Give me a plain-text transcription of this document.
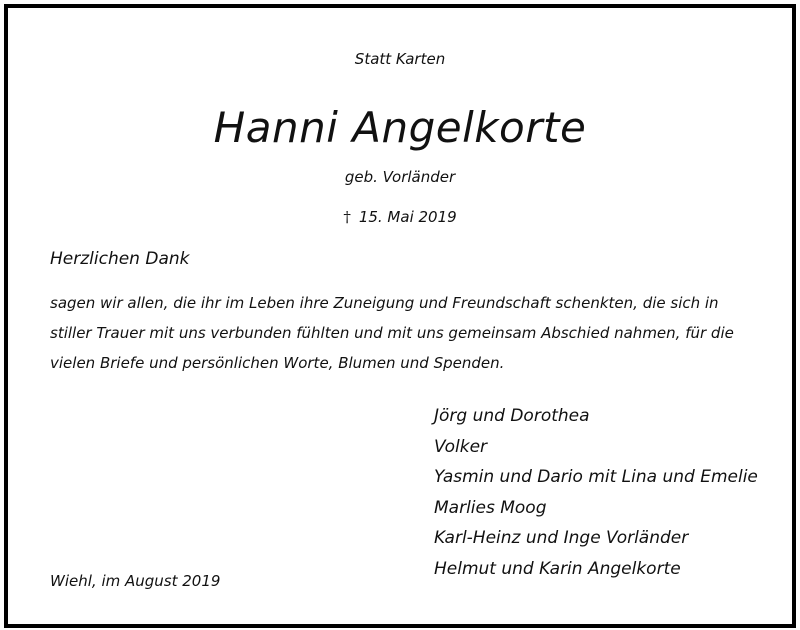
Statt Karten
Hanni Angelkorte
geb. Vorländer
† 15. Mai 2019
Herzlichen Dank
sagen wir allen, die ihr im Leben ihre Zuneigung und Freundschaft schenkten, die sich in
stiller Trauer mit uns verbunden fühlten und mit uns gemeinsam Abschied nahmen, für die
vielen Briefe und persönlichen Worte, Blumen und Spenden.
Jörg und Dorothea
Volker
Yasmin und Dario mit Lina und Emelie
Marlies Moog
Karl-Heinz und Inge Vorländer
Helmut und Karin Angelkorte
Wiehl, im August 2019
